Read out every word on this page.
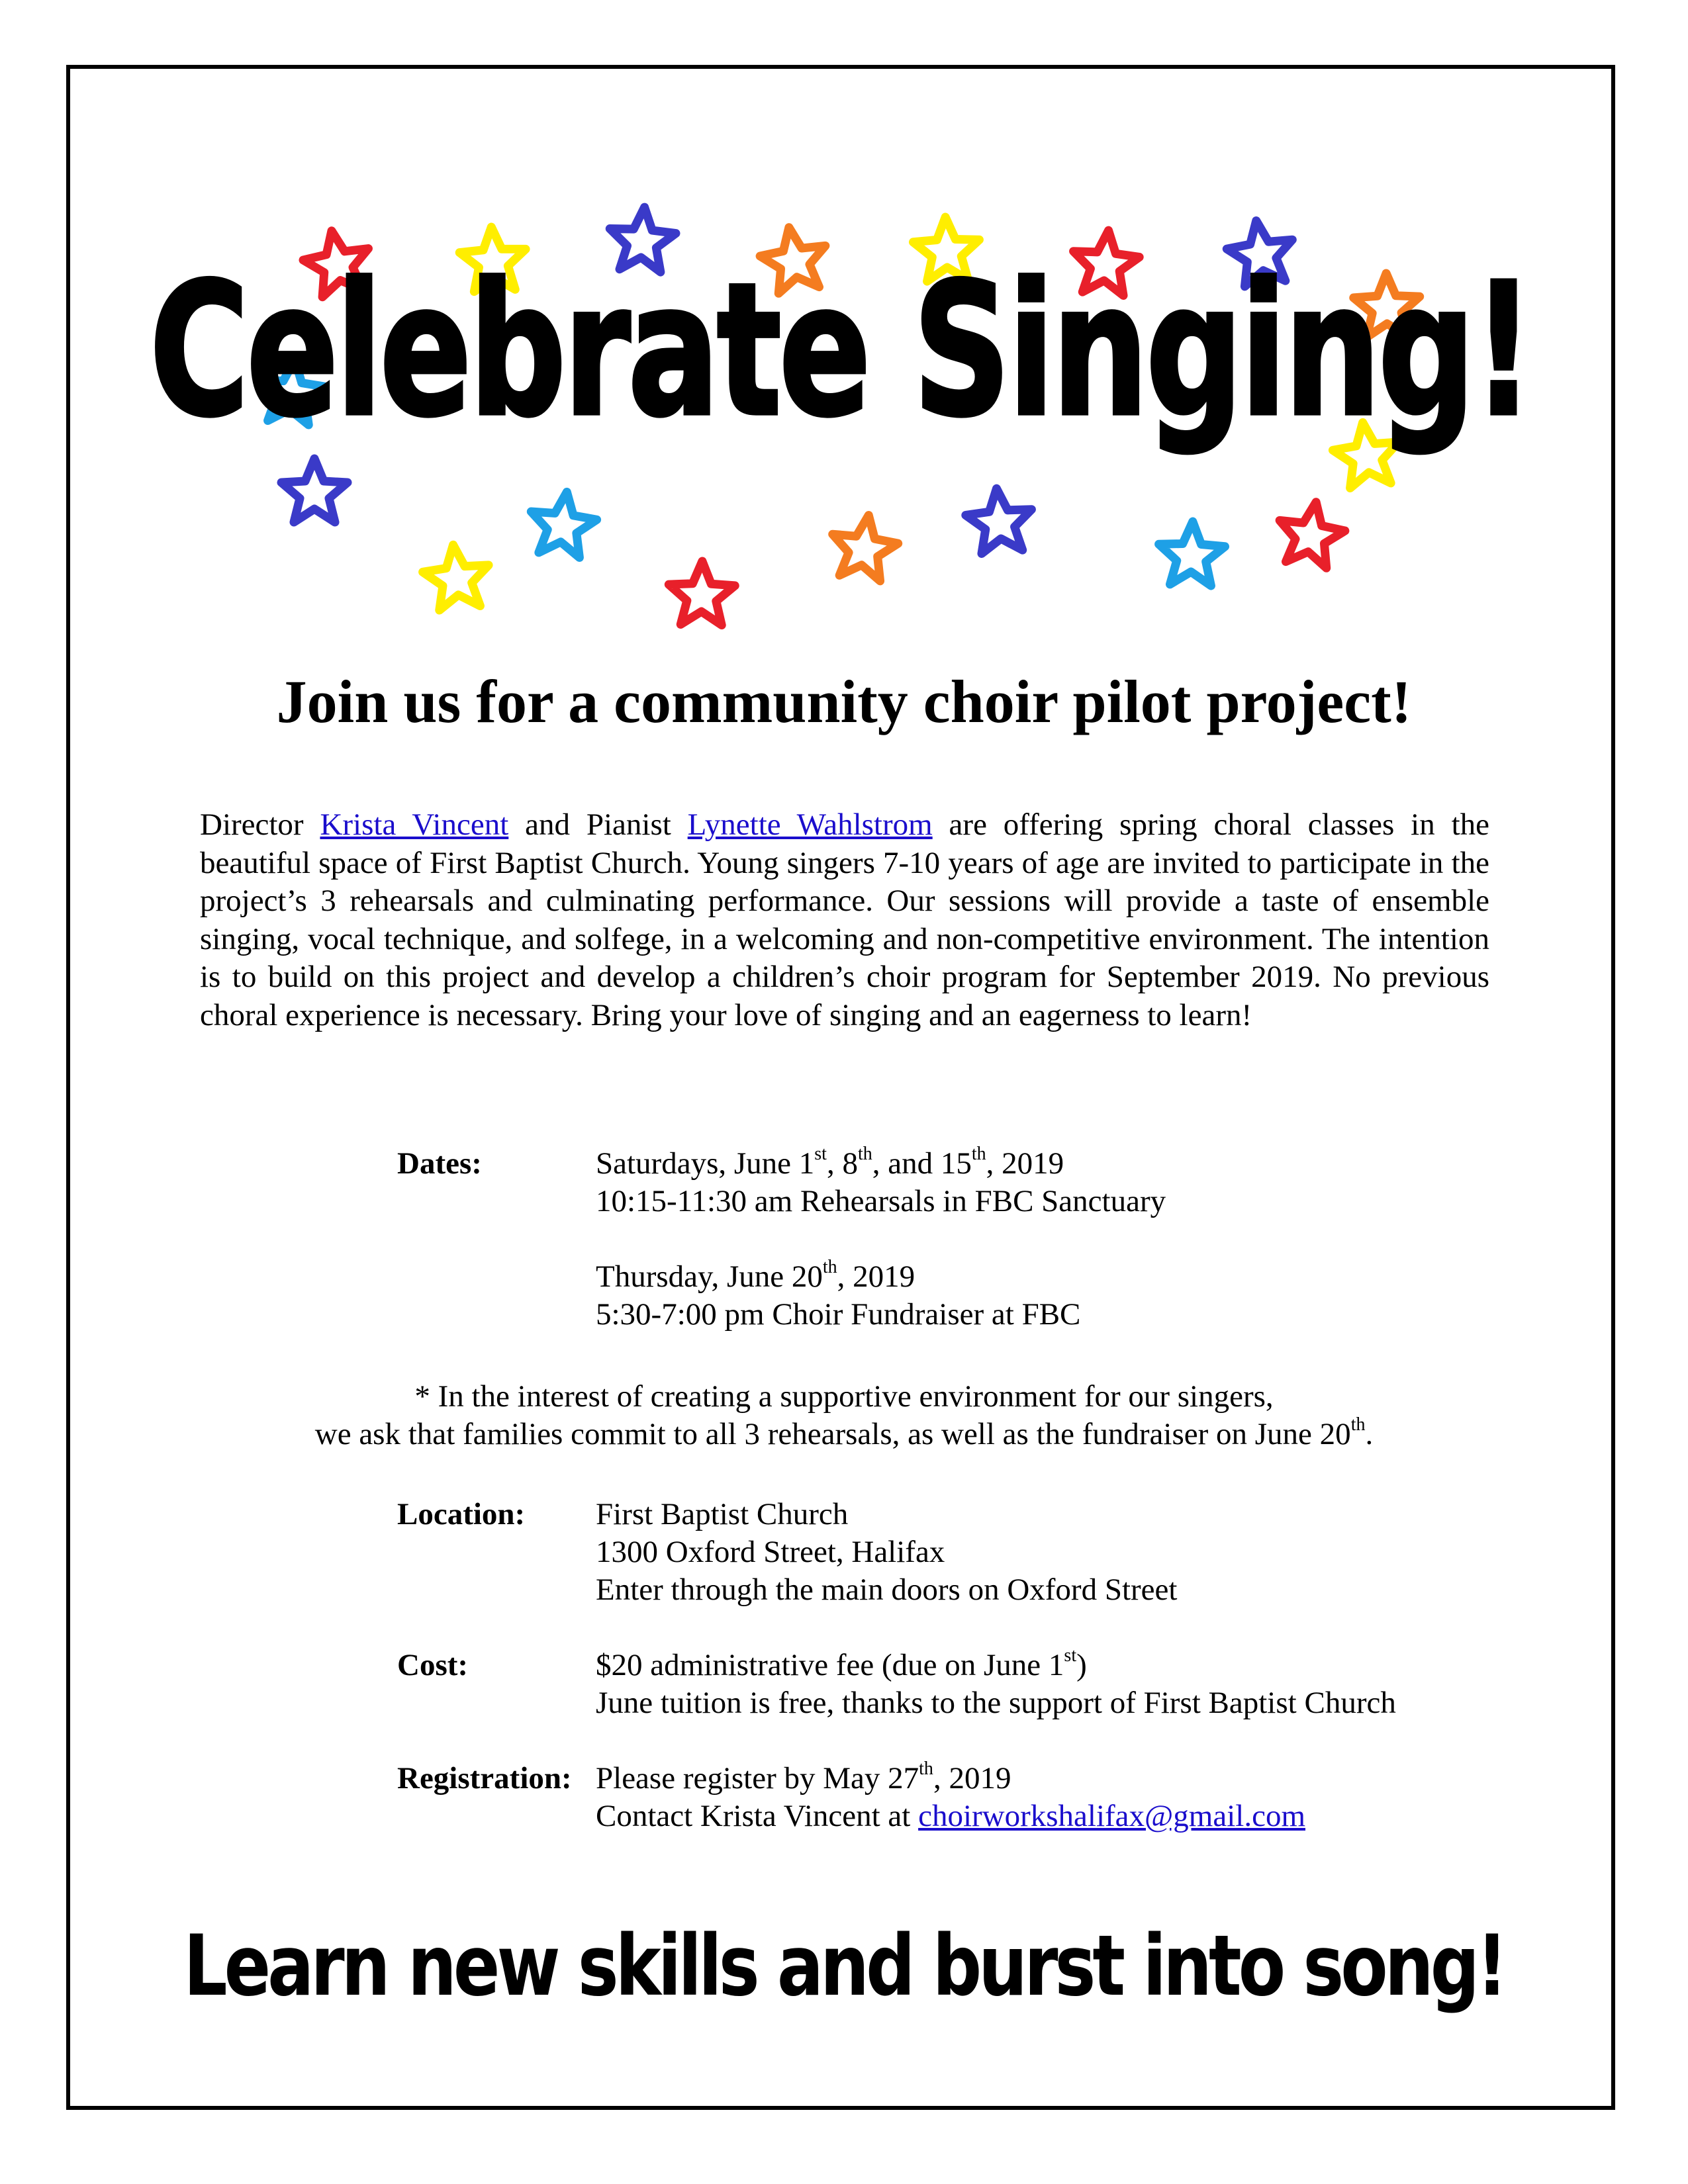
Celebrate Singing!
Join us for a community choir pilot project!
Director Krista Vincent and Pianist Lynette Wahlstrom are offering spring choral classes in the beautiful space of First Baptist Church. Young singers 7-10 years of age are invited to participate in the project’s 3 rehearsals and culminating performance. Our sessions will provide a taste of ensemble singing, vocal technique, and solfege, in a welcoming and non-competitive environment. The intention is to build on this project and develop a children’s choir program for September 2019. No previous choral experience is necessary. Bring your love of singing and an eagerness to learn!
Dates:	Saturdays, June 1st, 8th, and 15th, 2019
10:15-11:30 am Rehearsals in FBC Sanctuary
Thursday, June 20th, 2019
5:30-7:00 pm Choir Fundraiser at FBC
* In the interest of creating a supportive environment for our singers,
we ask that families commit to all 3 rehearsals, as well as the fundraiser on June 20th.
Location:	First Baptist Church
1300 Oxford Street, Halifax
Enter through the main doors on Oxford Street
Cost:	$20 administrative fee (due on June 1st)
June tuition is free, thanks to the support of First Baptist Church
Registration: Please register by May 27th, 2019
Contact Krista Vincent at choirworkshalifax@gmail.com
Learn new skills and burst into song!
